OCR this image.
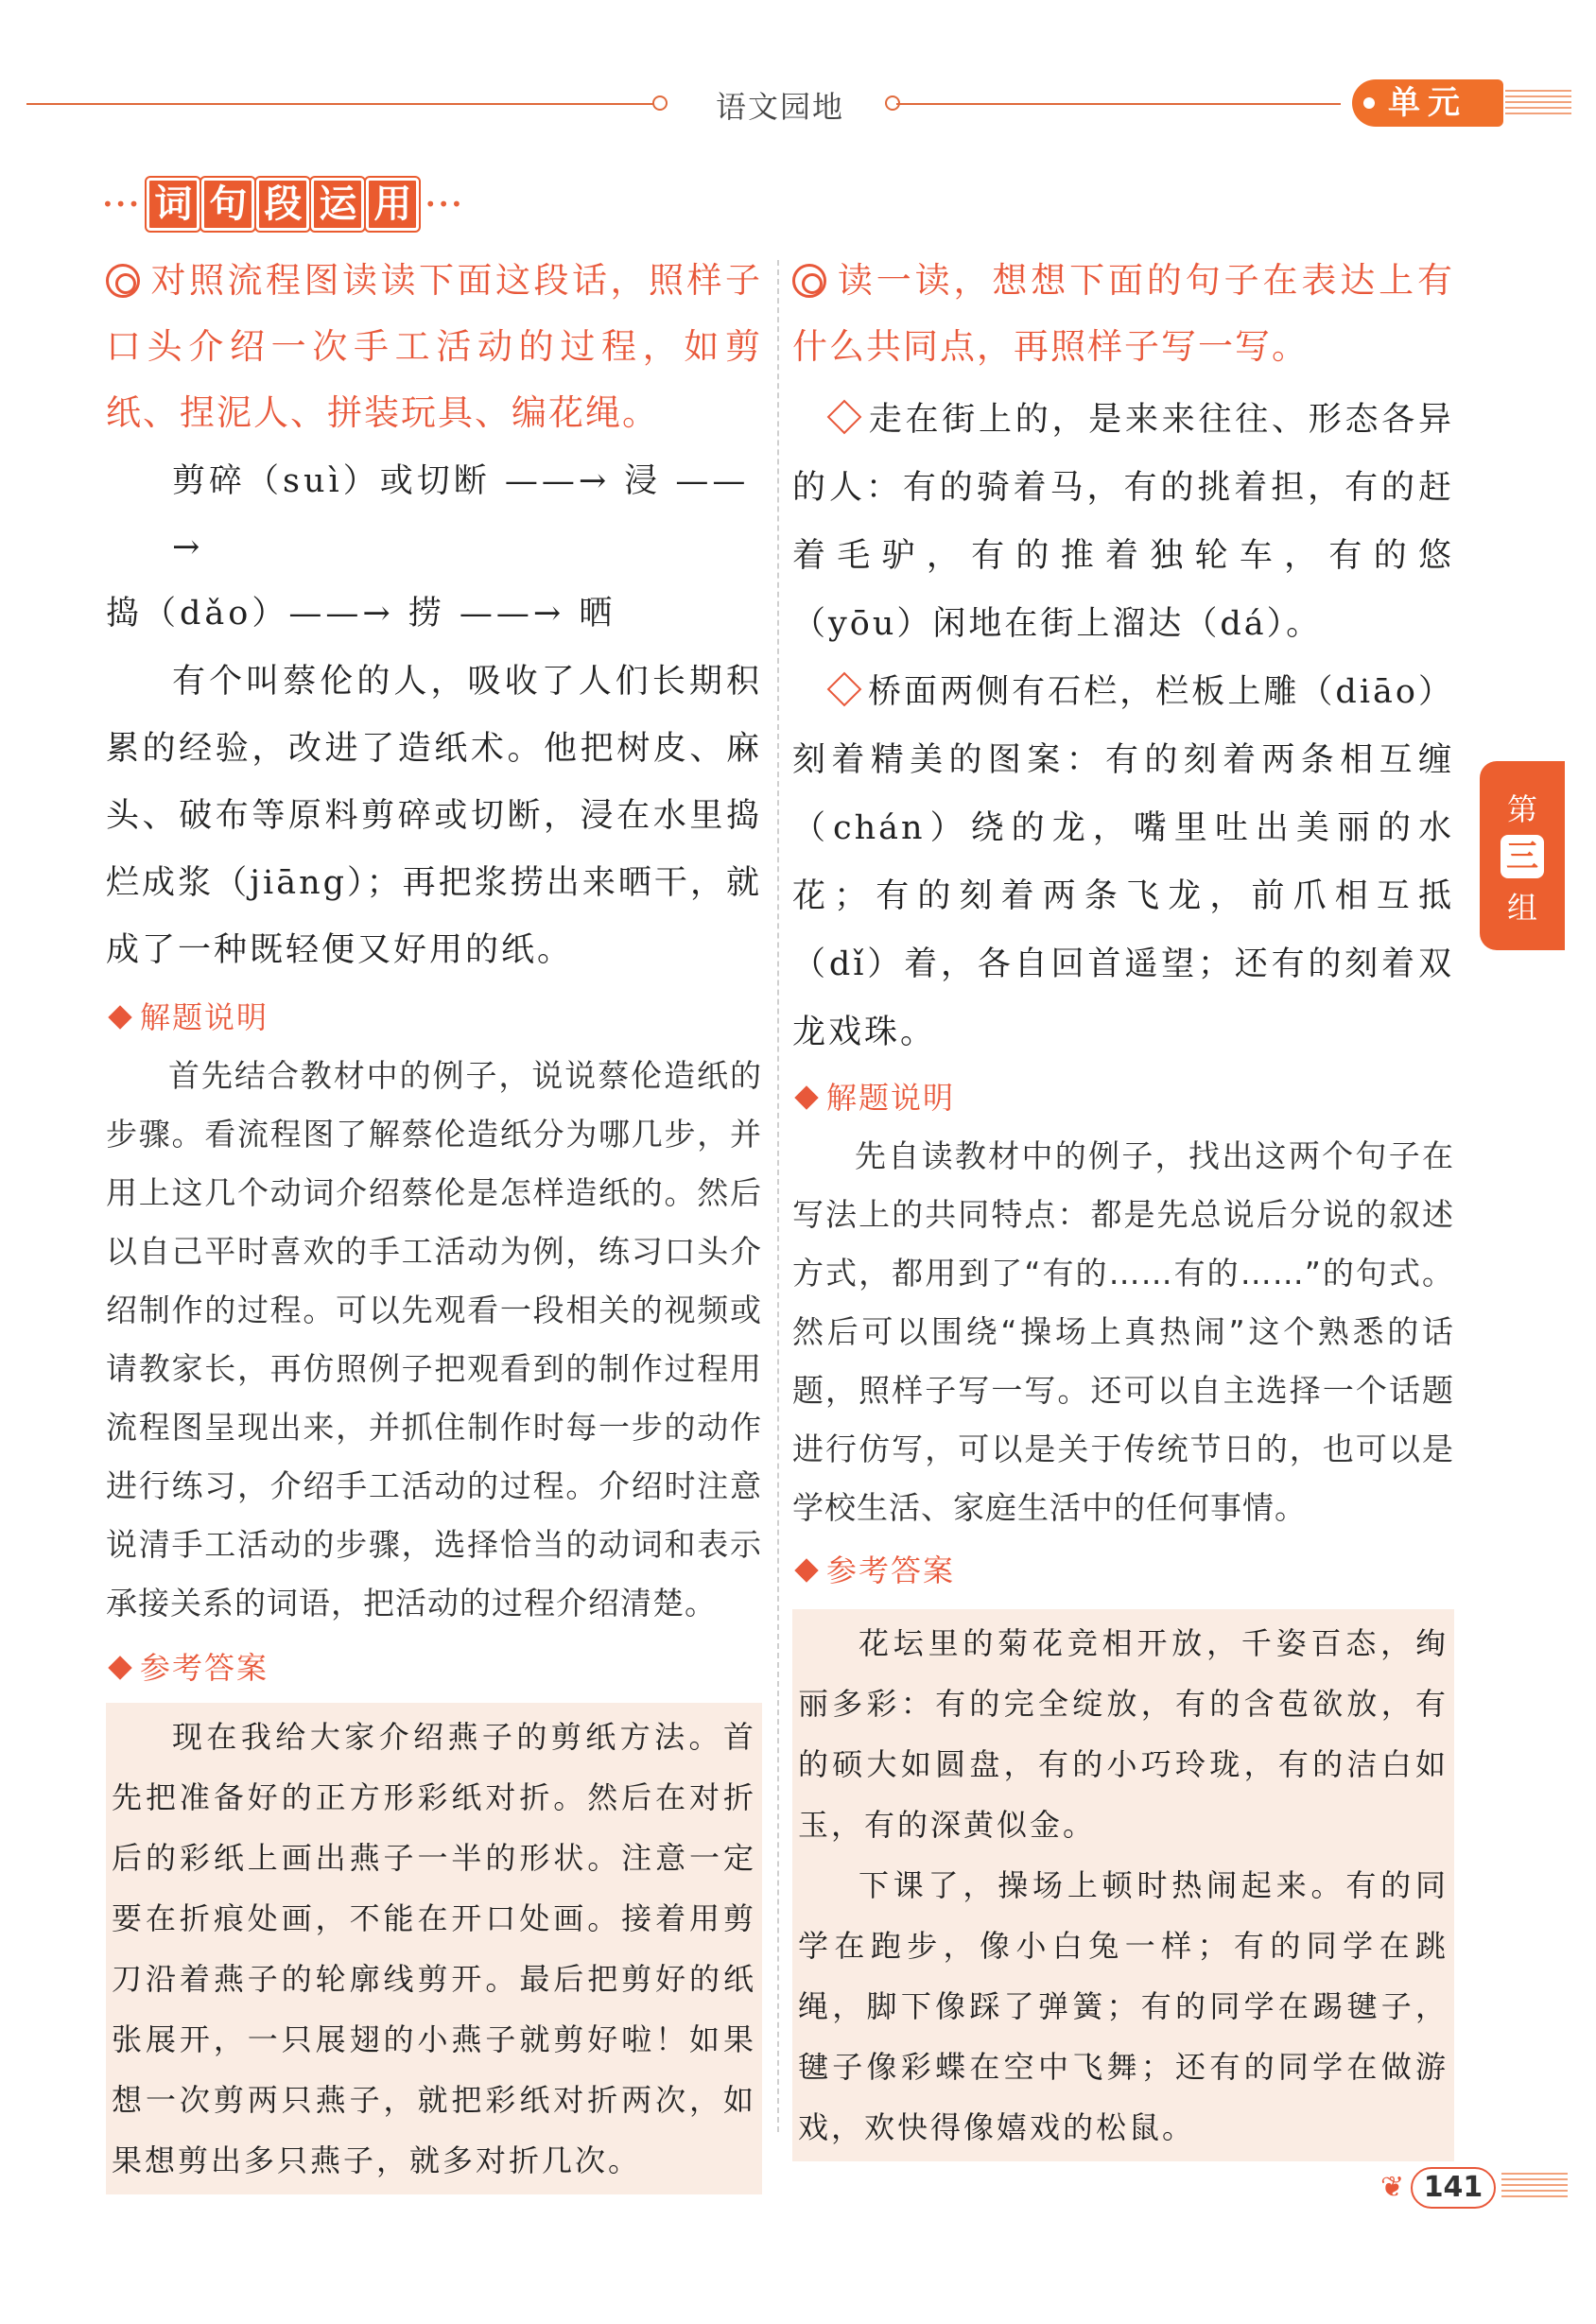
语文园地	单元
••• 词 句 段 运 用 •••
对照流程图读读下面这段话，照样子口头介绍一次手工活动的过程，如剪纸、捏泥人、拼装玩具、编花绳。
剪碎（suì）或切断 ——→ 浸 ——→
捣（dǎo）——→ 捞 ——→ 晒

有个叫蔡伦的人，吸收了人们长期积累的经验，改进了造纸术。他把树皮、麻头、破布等原料剪碎或切断，浸在水里捣烂成浆（jiāng）；再把浆捞出来晒干，就成了一种既轻便又好用的纸。

解题说明

首先结合教材中的例子，说说蔡伦造纸的步骤。看流程图了解蔡伦造纸分为哪几步，并用上这几个动词介绍蔡伦是怎样造纸的。然后以自己平时喜欢的手工活动为例，练习口头介绍制作的过程。可以先观看一段相关的视频或请教家长，再仿照例子把观看到的制作过程用流程图呈现出来，并抓住制作时每一步的动作进行练习，介绍手工活动的过程。介绍时注意说清手工活动的步骤，选择恰当的动词和表示承接关系的词语，把活动的过程介绍清楚。

参考答案

现在我给大家介绍燕子的剪纸方法。首先把准备好的正方形彩纸对折。然后在对折后的彩纸上画出燕子一半的形状。注意一定要在折痕处画，不能在开口处画。接着用剪刀沿着燕子的轮廓线剪开。最后把剪好的纸张展开，一只展翅的小燕子就剪好啦！如果想一次剪两只燕子，就把彩纸对折两次，如果想剪出多只燕子，就多对折几次。

读一读，想想下面的句子在表达上有什么共同点，再照样子写一写。

走在街上的，是来来往往、形态各异的人：有的骑着马，有的挑着担，有的赶着毛驴，有的推着独轮车，有的悠（yōu）闲地在街上溜达（dá）。

桥面两侧有石栏，栏板上雕（diāo）刻着精美的图案：有的刻着两条相互缠（chán）绕的龙，嘴里吐出美丽的水花；有的刻着两条飞龙，前爪相互抵（dǐ）着，各自回首遥望；还有的刻着双龙戏珠。

解题说明

先自读教材中的例子，找出这两个句子在写法上的共同特点：都是先总说后分说的叙述方式，都用到了“有的……有的……”的句式。然后可以围绕“操场上真热闹”这个熟悉的话题，照样子写一写。还可以自主选择一个话题进行仿写，可以是关于传统节日的，也可以是学校生活、家庭生活中的任何事情。

参考答案

花坛里的菊花竞相开放，千姿百态，绚丽多彩：有的完全绽放，有的含苞欲放，有的硕大如圆盘，有的小巧玲珑，有的洁白如玉，有的深黄似金。

下课了，操场上顿时热闹起来。有的同学在跑步，像小白兔一样；有的同学在跳绳，脚下像踩了弹簧；有的同学在踢毽子，毽子像彩蝶在空中飞舞；还有的同学在做游戏，欢快得像嬉戏的松鼠。

第
三
组
❦ 141
